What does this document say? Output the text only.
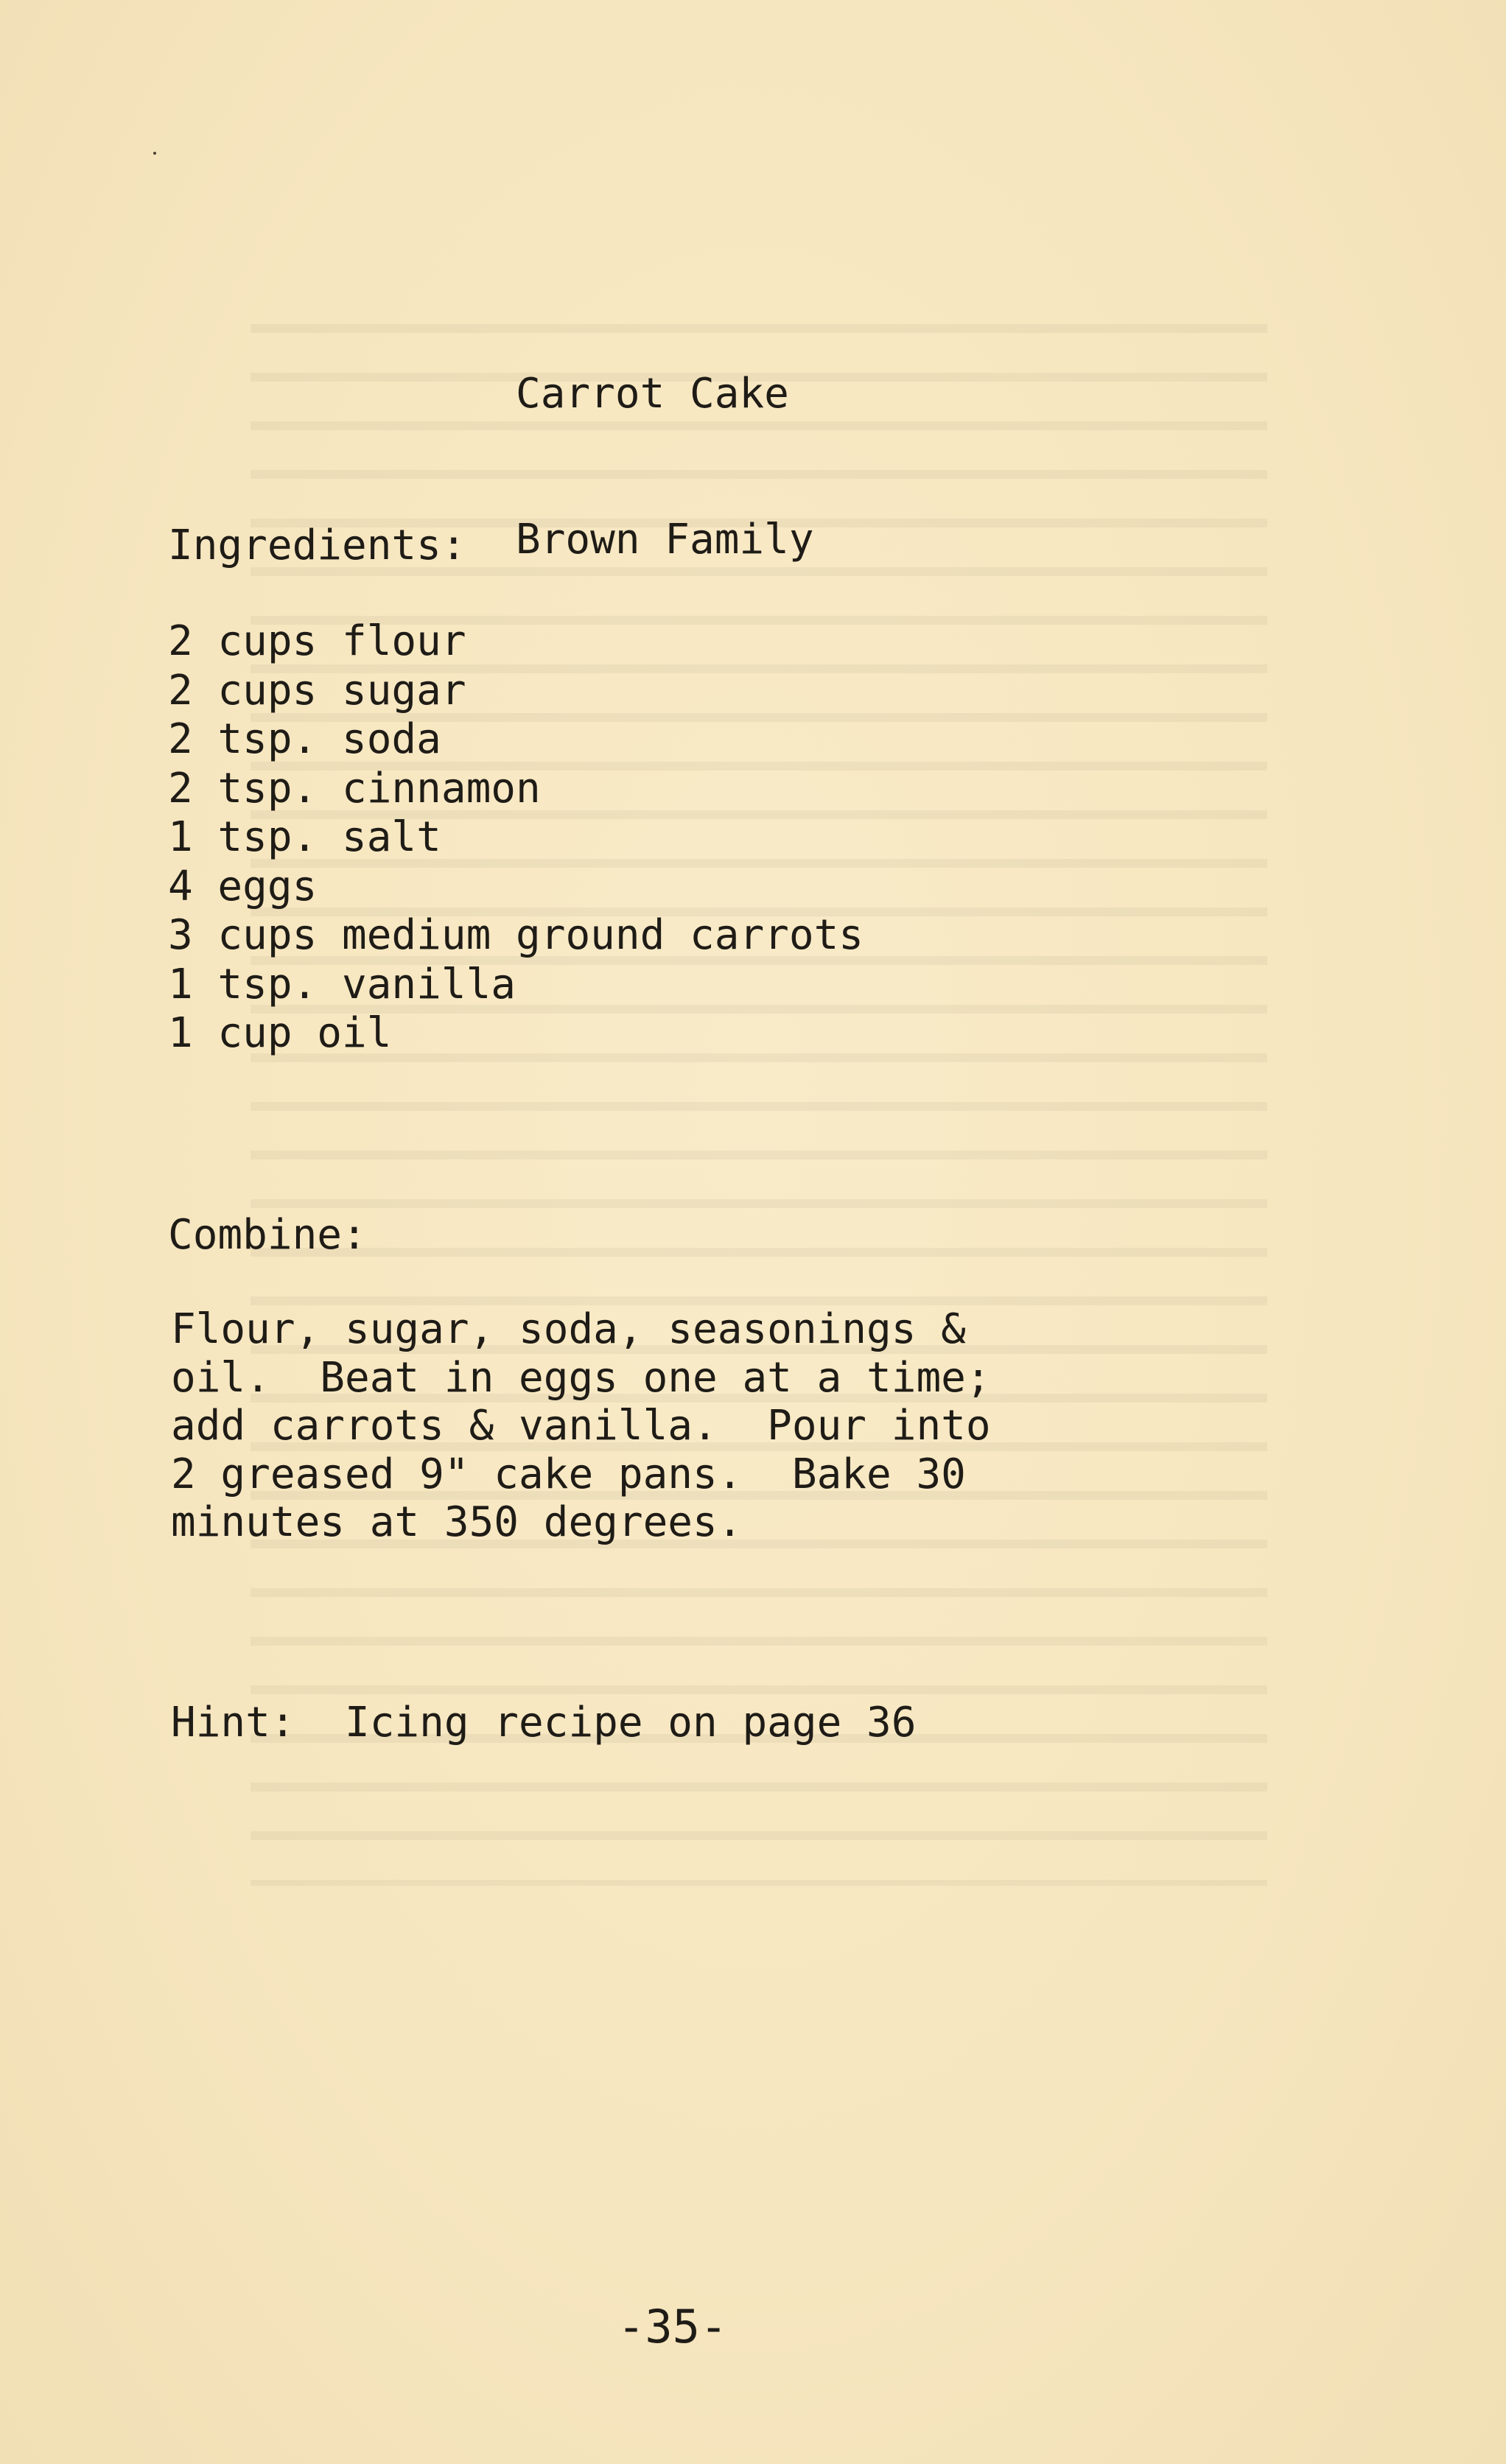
Carrot Cake

Brown Family

Ingredients:
2 cups flour
2 cups sugar
2 tsp. soda
2 tsp. cinnamon
1 tsp. salt
4 eggs
3 cups medium ground carrots
1 tsp. vanilla
1 cup oil
Combine:
Flour, sugar, soda, seasonings &
oil.  Beat in eggs one at a time;
add carrots & vanilla.  Pour into
2 greased 9" cake pans.  Bake 30
minutes at 350 degrees.
Hint:  Icing recipe on page 36
-35-
